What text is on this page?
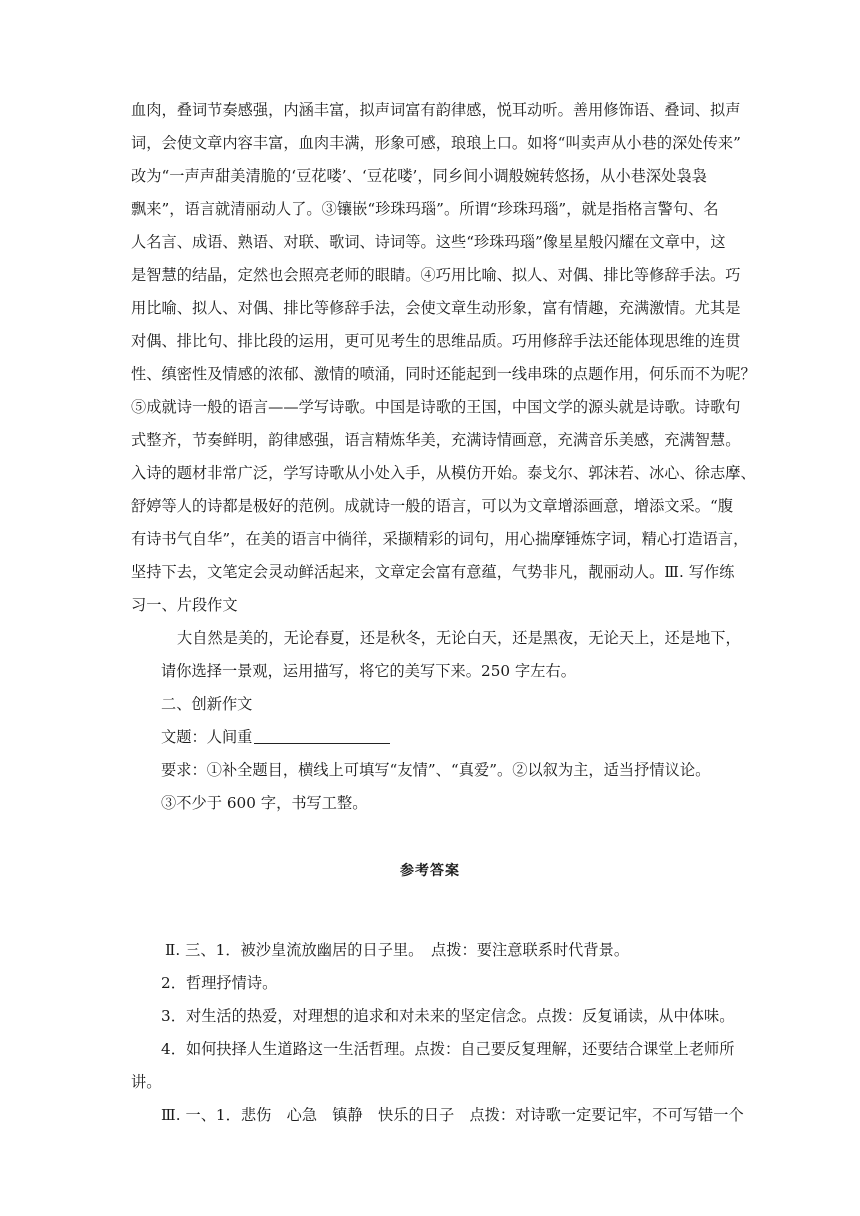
血肉，叠词节奏感强，内涵丰富，拟声词富有韵律感，悦耳动听。善用修饰语、叠词、拟声
词，会使文章内容丰富，血肉丰满，形象可感，琅琅上口。如将“叫卖声从小巷的深处传来”
改为“一声声甜美清脆的‘豆花喽’、‘豆花喽’，同乡间小调般婉转悠扬，从小巷深处袅袅
飘来”，语言就清丽动人了。③镶嵌“珍珠玛瑙”。所谓“珍珠玛瑙”，就是指格言警句、名
人名言、成语、熟语、对联、歌词、诗词等。这些“珍珠玛瑙”像星星般闪耀在文章中，这
是智慧的结晶，定然也会照亮老师的眼睛。④巧用比喻、拟人、对偶、排比等修辞手法。巧
用比喻、拟人、对偶、排比等修辞手法，会使文章生动形象，富有情趣，充满激情。尤其是
对偶、排比句、排比段的运用，更可见考生的思维品质。巧用修辞手法还能体现思维的连贯
性、缜密性及情感的浓郁、激情的喷涌，同时还能起到一线串珠的点题作用，何乐而不为呢？
⑤成就诗一般的语言——学写诗歌。中国是诗歌的王国，中国文学的源头就是诗歌。诗歌句
式整齐，节奏鲜明，韵律感强，语言精炼华美，充满诗情画意，充满音乐美感，充满智慧。
入诗的题材非常广泛，学写诗歌从小处入手，从模仿开始。泰戈尔、郭沫若、冰心、徐志摩、
舒婷等人的诗都是极好的范例。成就诗一般的语言，可以为文章增添画意，增添文采。“腹
有诗书气自华”，在美的语言中徜徉，采撷精彩的词句，用心揣摩锤炼字词，精心打造语言，
坚持下去，文笔定会灵动鲜活起来，文章定会富有意蕴，气势非凡，靓丽动人。Ⅲ. 写作练
习一、片段作文
大自然是美的，无论春夏，还是秋冬，无论白天，还是黑夜，无论天上，还是地下，
请你选择一景观，运用描写，将它的美写下来。250 字左右。
二、创新作文
文题：人间重
要求：①补全题目，横线上可填写“友情”、“真爱”。②以叙为主，适当抒情议论。
③不少于 600 字，书写工整。
参考答案
Ⅱ. 三、1．被沙皇流放幽居的日子里。　点拨：要注意联系时代背景。
2．哲理抒情诗。
3．对生活的热爱，对理想的追求和对未来的坚定信念。点拨：反复诵读，从中体味。
4．如何抉择人生道路这一生活哲理。点拨：自己要反复理解，还要结合课堂上老师所
讲。
Ⅲ. 一、1．悲伤　心急　镇静　快乐的日子　点拨：对诗歌一定要记牢，不可写错一个
